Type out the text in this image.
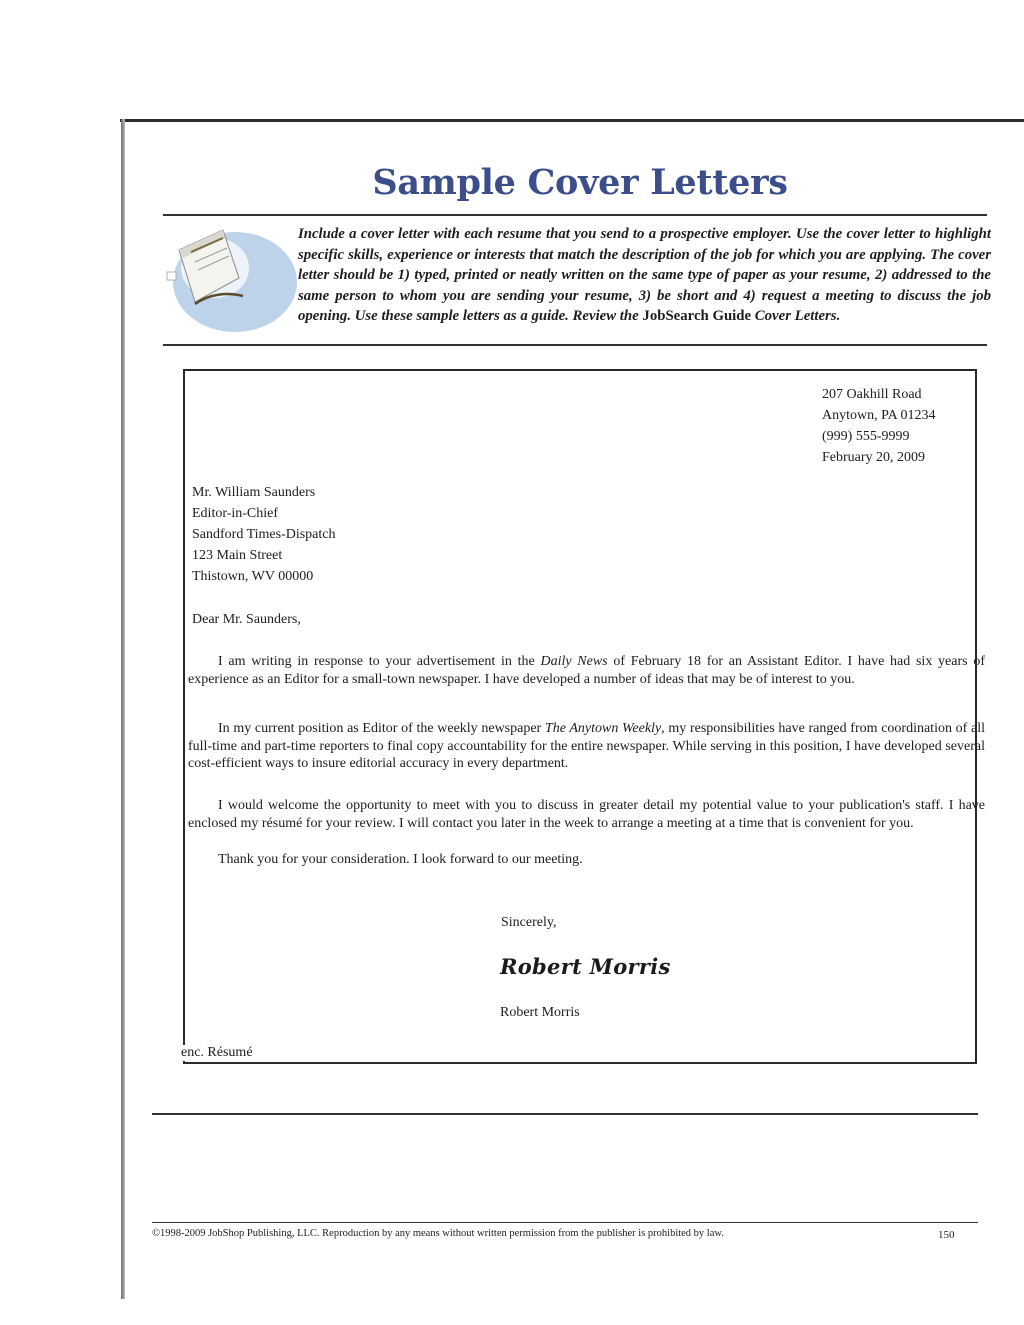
Sample Cover Letters
Include a cover letter with each resume that you send to a prospective employer. Use the cover letter to highlight specific skills, experience or interests that match the description of the job for which you are applying. The cover letter should be 1) typed, printed or neatly written on the same type of paper as your resume, 2) addressed to the same person to whom you are sending your resume, 3) be short and 4) request a meeting to discuss the job opening. Use these sample letters as a guide. Review the JobSearch Guide Cover Letters.
207 Oakhill Road
Anytown, PA 01234
(999) 555-9999
February 20, 2009
Mr. William Saunders
Editor-in-Chief
Sandford Times-Dispatch
123 Main Street
Thistown, WV 00000
Dear Mr. Saunders,
I am writing in response to your advertisement in the Daily News of February 18 for an Assistant Editor. I have had six years of experience as an Editor for a small-town newspaper. I have developed a number of ideas that may be of interest to you.
In my current position as Editor of the weekly newspaper The Anytown Weekly, my responsibilities have ranged from coordination of all full-time and part-time reporters to final copy accountability for the entire newspaper. While serving in this position, I have developed several cost-efficient ways to insure editorial accuracy in every department.
I would welcome the opportunity to meet with you to discuss in greater detail my potential value to your publication's staff. I have enclosed my résumé for your review. I will contact you later in the week to arrange a meeting at a time that is convenient for you.
Thank you for your consideration. I look forward to our meeting.
Sincerely,
Robert Morris
Robert Morris
enc. Résumé
©1998-2009 JobShop Publishing, LLC. Reproduction by any means without written permission from the publisher is prohibited by law.	150
